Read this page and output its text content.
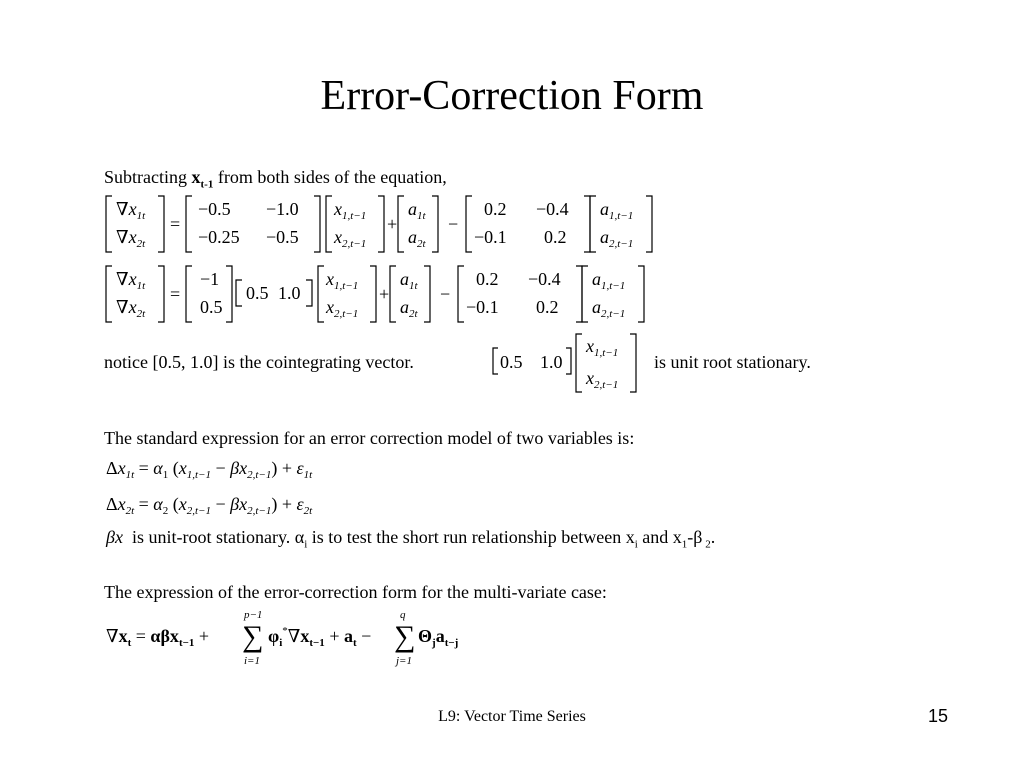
Error-Correction Form
Subtracting $x_{t-1}$ from both sides of the equation,
$\nabla x_{1t}$
$\nabla x_{2t}$
=
−0.5 −1.0
−0.25 −0.5
$x_{1,t-1}$
$x_{2,t-1}$
+
$a_{1t}$
$a_{2t}$
−
0.2 −0.4
−0.1 0.2
$a_{1,t-1}$
$a_{2,t-1}$
$\nabla x_{1t}$
$\nabla x_{2t}$
=
−1
0.5
0.5 1.0
$x_{1,t-1}$
$x_{2,t-1}$
+
$a_{1t}$
$a_{2t}$
−
0.2 −0.4
−0.1 0.2
$a_{1,t-1}$
$a_{2,t-1}$
notice [0.5, 1.0] is the cointegrating vector.	0.5 1.0
$x_{1,t-1}$
$x_{2,t-1}$
is unit root stationary.
The standard expression for an error correction model of two variables is:
$\Delta x_{1t} = \alpha_1$ $(x_{1,t-1} - \beta x_{2,t-1}) + \varepsilon_{1t}$
$\Delta x_{2t} = \alpha_2$ $(x_{2,t-1} - \beta x_{2,t-1}) + \varepsilon_{2t}$
βx is unit-root stationary. $\alpha_i$ is to test the short run relationship between $x_i$ and $x_1-\beta$ $_2$.
The expression of the error-correction form for the multi-variate case:
$\nabla x_t = \alpha\beta x_{t-1}$ + ∑
p−1
i=1
$\varphi_i^*\nabla x_{t-1} + a_t$ − ∑
q
j=1
$\Theta_ja_{t-j}$
L9: Vector Time Series	15
